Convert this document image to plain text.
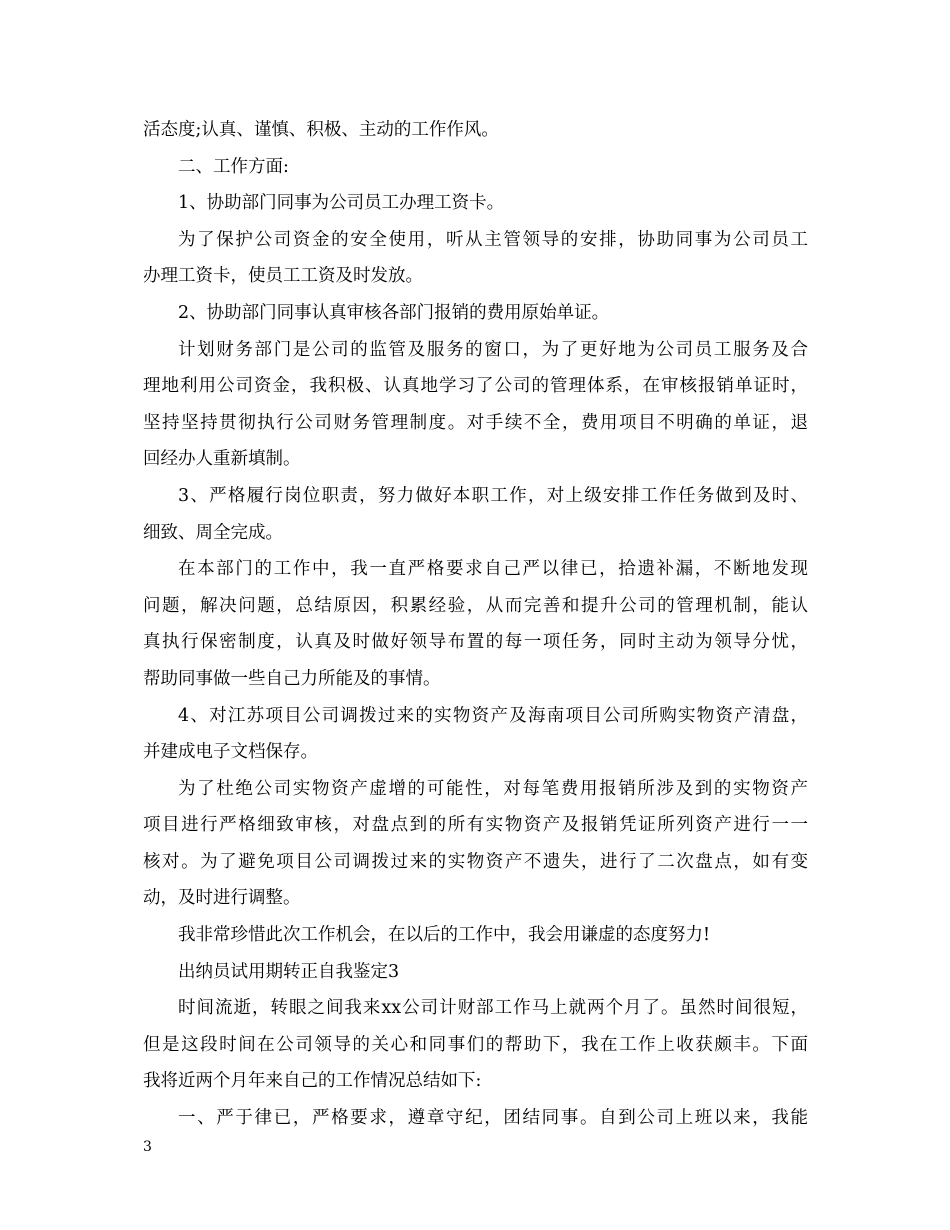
活态度;认真、谨慎、积极、主动的工作作风。
二、工作方面:
1、协助部门同事为公司员工办理工资卡。
为了保护公司资金的安全使用，听从主管领导的安排，协助同事为公司员工
办理工资卡，使员工工资及时发放。
2、协助部门同事认真审核各部门报销的费用原始单证。
计划财务部门是公司的监管及服务的窗口，为了更好地为公司员工服务及合
理地利用公司资金，我积极、认真地学习了公司的管理体系，在审核报销单证时，
坚持坚持贯彻执行公司财务管理制度。对手续不全，费用项目不明确的单证，退
回经办人重新填制。
3、严格履行岗位职责，努力做好本职工作，对上级安排工作任务做到及时、
细致、周全完成。
在本部门的工作中，我一直严格要求自己严以律已，拾遗补漏，不断地发现
问题，解决问题，总结原因，积累经验，从而完善和提升公司的管理机制，能认
真执行保密制度，认真及时做好领导布置的每一项任务，同时主动为领导分忧，
帮助同事做一些自己力所能及的事情。
4、对江苏项目公司调拨过来的实物资产及海南项目公司所购实物资产清盘，
并建成电子文档保存。
为了杜绝公司实物资产虚增的可能性，对每笔费用报销所涉及到的实物资产
项目进行严格细致审核，对盘点到的所有实物资产及报销凭证所列资产进行一一
核对。为了避免项目公司调拨过来的实物资产不遗失，进行了二次盘点，如有变
动，及时进行调整。
我非常珍惜此次工作机会，在以后的工作中，我会用谦虚的态度努力!
出纳员试用期转正自我鉴定3
时间流逝，转眼之间我来xx公司计财部工作马上就两个月了。虽然时间很短，
但是这段时间在公司领导的关心和同事们的帮助下，我在工作上收获颇丰。下面
我将近两个月年来自己的工作情况总结如下:
一、严于律已，严格要求，遵章守纪，团结同事。自到公司上班以来，我能
3
